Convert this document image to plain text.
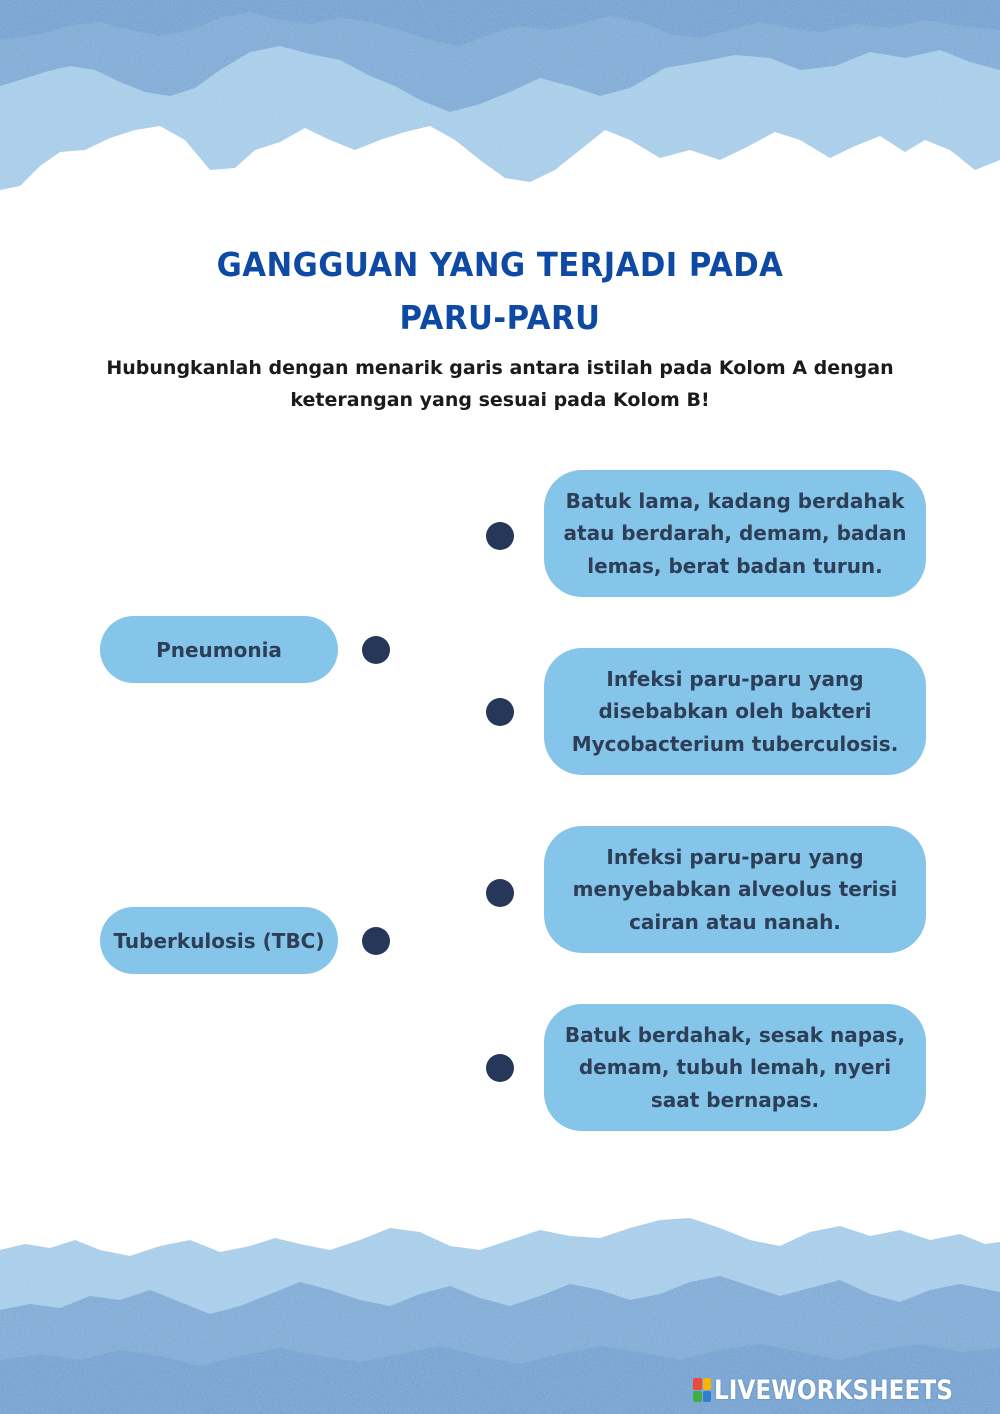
GANGGUAN YANG TERJADI PADA
PARU-PARU
Hubungkanlah dengan menarik garis antara istilah pada Kolom A dengan
keterangan yang sesuai pada Kolom B!
Pneumonia
Tuberkulosis (TBC)
Batuk lama, kadang berdahak
atau berdarah, demam, badan
lemas, berat badan turun.
Infeksi paru-paru yang
disebabkan oleh bakteri
Mycobacterium tuberculosis.
Infeksi paru-paru yang
menyebabkan alveolus terisi
cairan atau nanah.
Batuk berdahak, sesak napas,
demam, tubuh lemah, nyeri
saat bernapas.
LIVEWORKSHEETS
